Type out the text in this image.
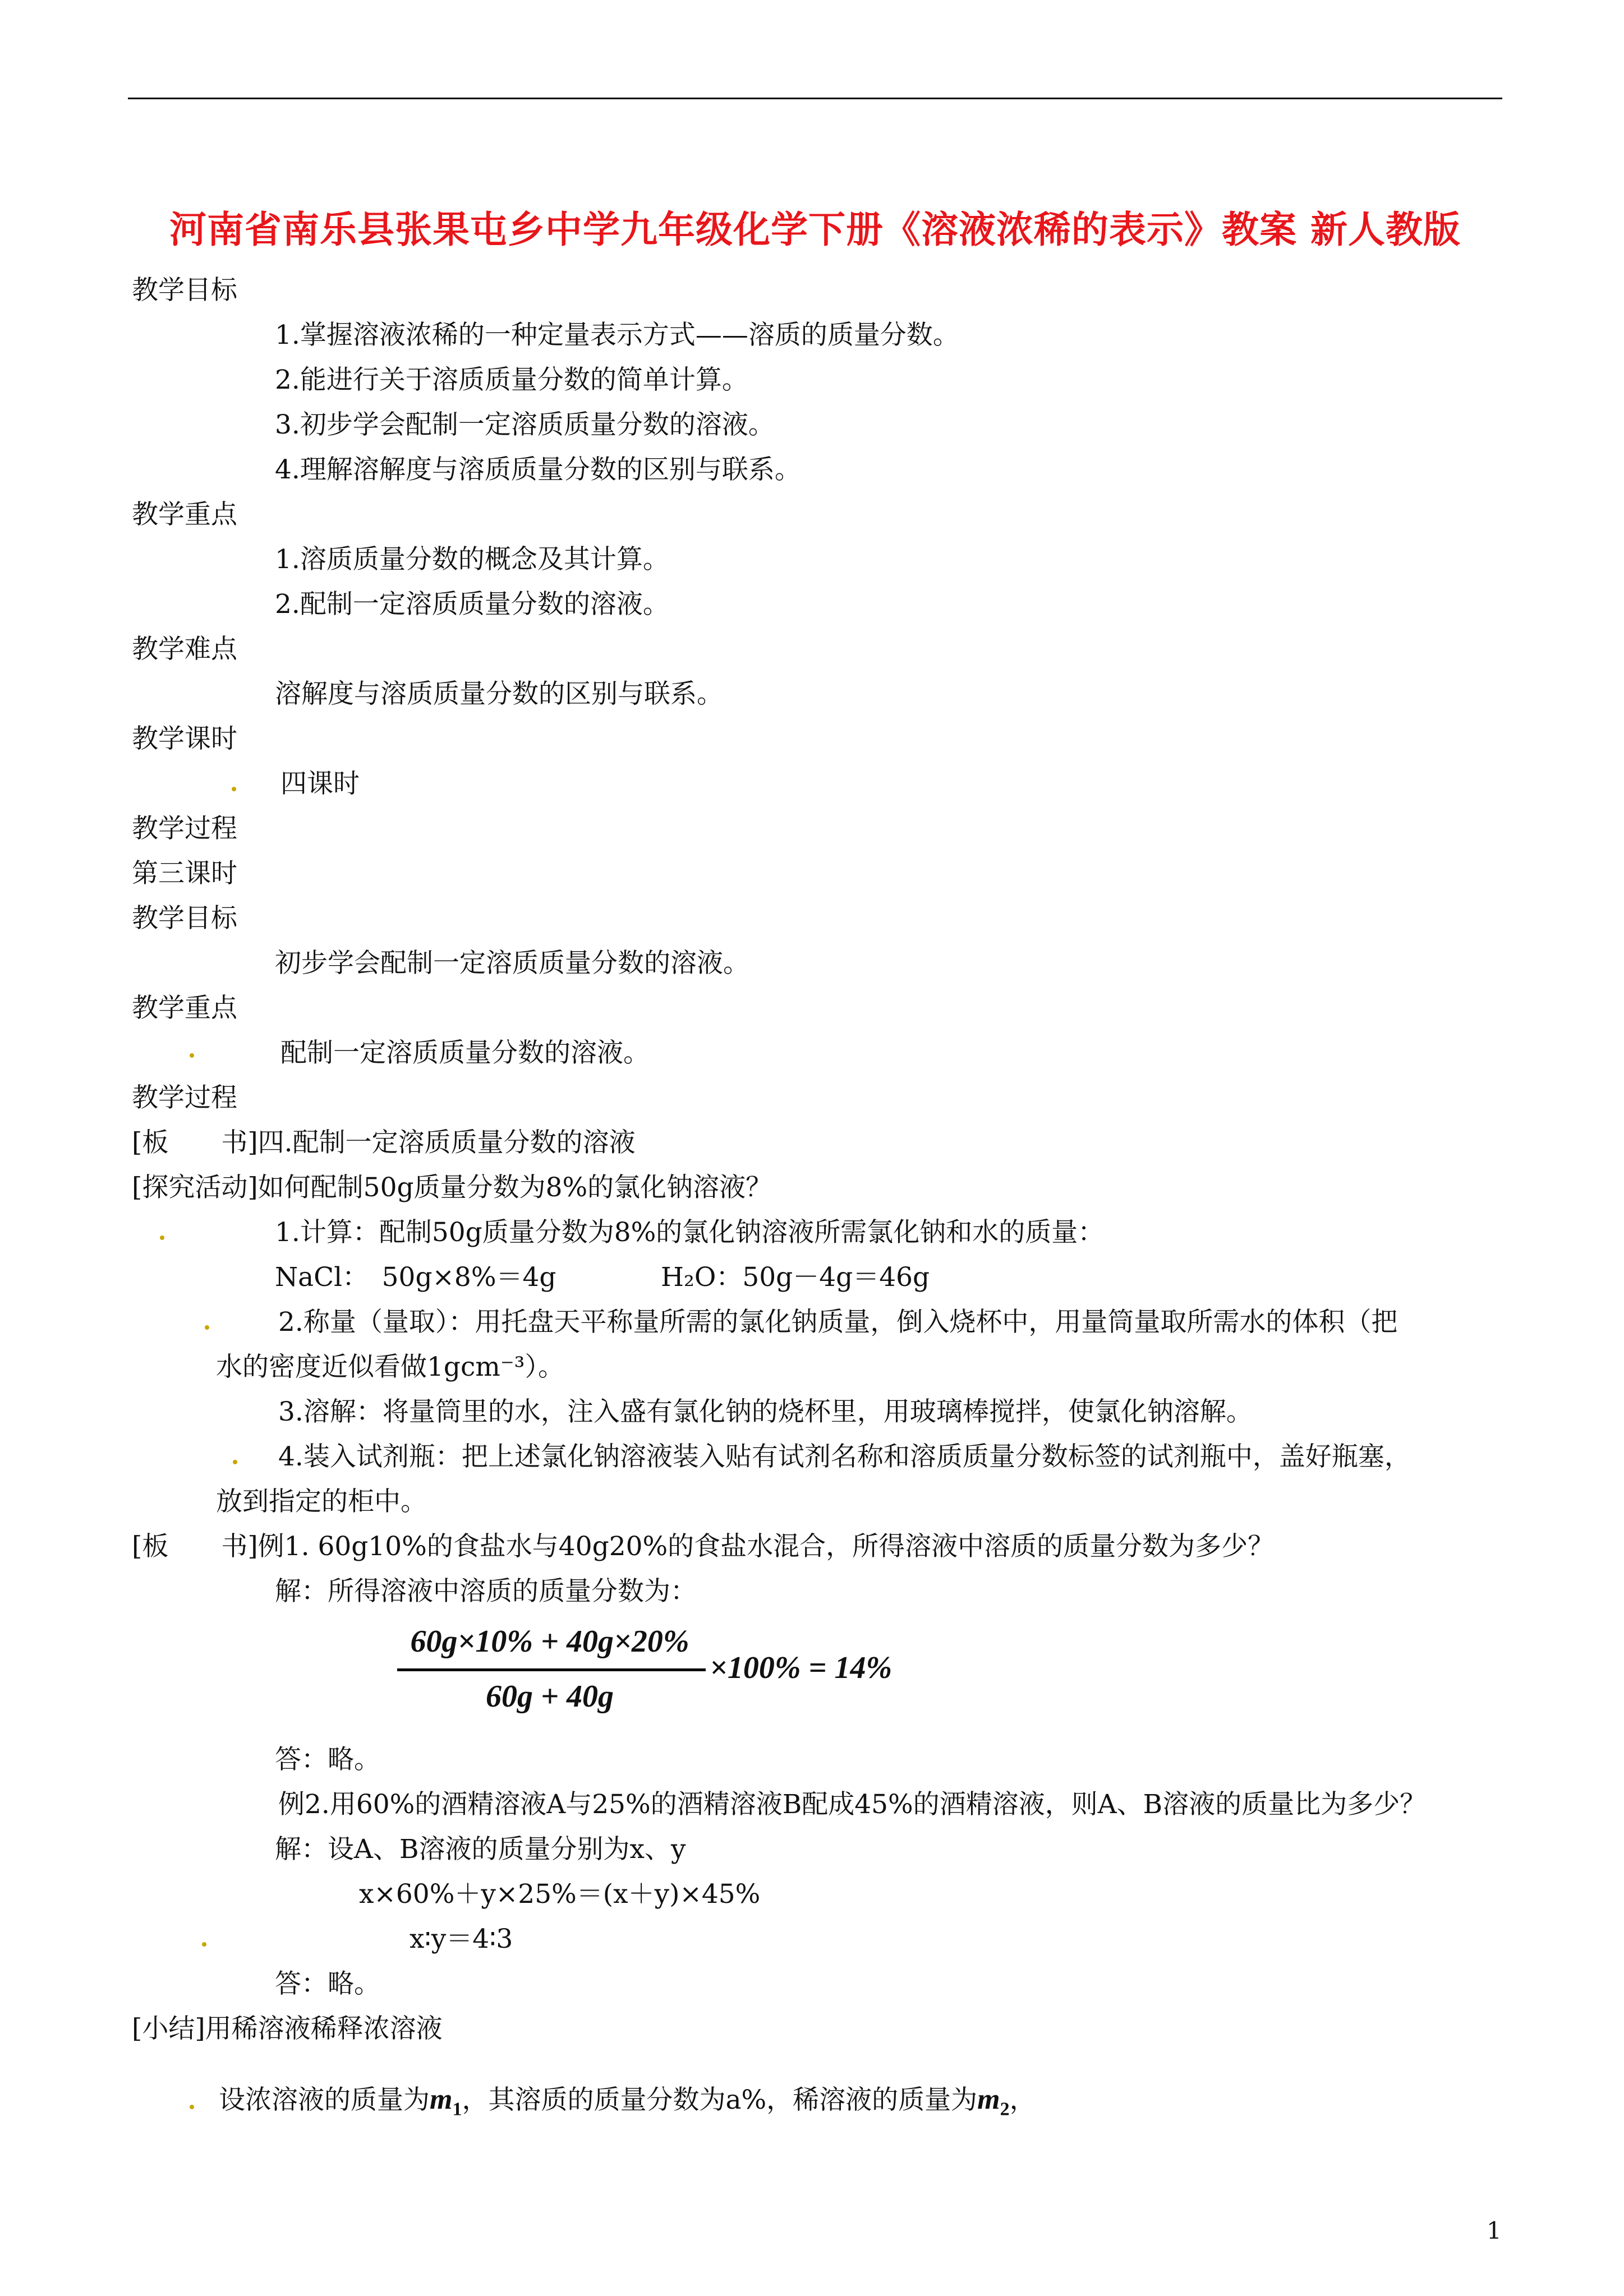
河南省南乐县张果屯乡中学九年级化学下册《溶液浓稀的表示》教案 新人教版
教学目标
1.掌握溶液浓稀的一种定量表示方式——溶质的质量分数。
2.能进行关于溶质质量分数的简单计算。
3.初步学会配制一定溶质质量分数的溶液。
4.理解溶解度与溶质质量分数的区别与联系。
教学重点
1.溶质质量分数的概念及其计算。
2.配制一定溶质质量分数的溶液。
教学难点
溶解度与溶质质量分数的区别与联系。
教学课时
四课时
教学过程
第三课时
教学目标
初步学会配制一定溶质质量分数的溶液。
教学重点
配制一定溶质质量分数的溶液。
教学过程
[板　　书]四.配制一定溶质质量分数的溶液
[探究活动]如何配制50g质量分数为8%的氯化钠溶液？
1.计算：配制50g质量分数为8%的氯化钠溶液所需氯化钠和水的质量：
NaCl：　50g×8%＝4g	H₂O：50g－4g＝46g
2.称量（量取）：用托盘天平称量所需的氯化钠质量，倒入烧杯中，用量筒量取所需水的体积（把
水的密度近似看做1gcm⁻³）。
3.溶解：将量筒里的水，注入盛有氯化钠的烧杯里，用玻璃棒搅拌，使氯化钠溶解。
4.装入试剂瓶：把上述氯化钠溶液装入贴有试剂名称和溶质质量分数标签的试剂瓶中，盖好瓶塞，
放到指定的柜中。
[板　　书]例1. 60g10%的食盐水与40g20%的食盐水混合，所得溶液中溶质的质量分数为多少？
解：所得溶液中溶质的质量分数为：
60g×10% + 40g×20%
60g + 40g
×100% = 14%
答：略。
例2.用60%的酒精溶液A与25%的酒精溶液B配成45%的酒精溶液，则A、B溶液的质量比为多少？
解：设A、B溶液的质量分别为x、y
x×60%＋y×25%＝(x＋y)×45%
x∶y＝4∶3
答：略。
[小结]用稀溶液稀释浓溶液
设浓溶液的质量为$m_1$，其溶质的质量分数为a%，稀溶液的质量为$m_2$，
1
